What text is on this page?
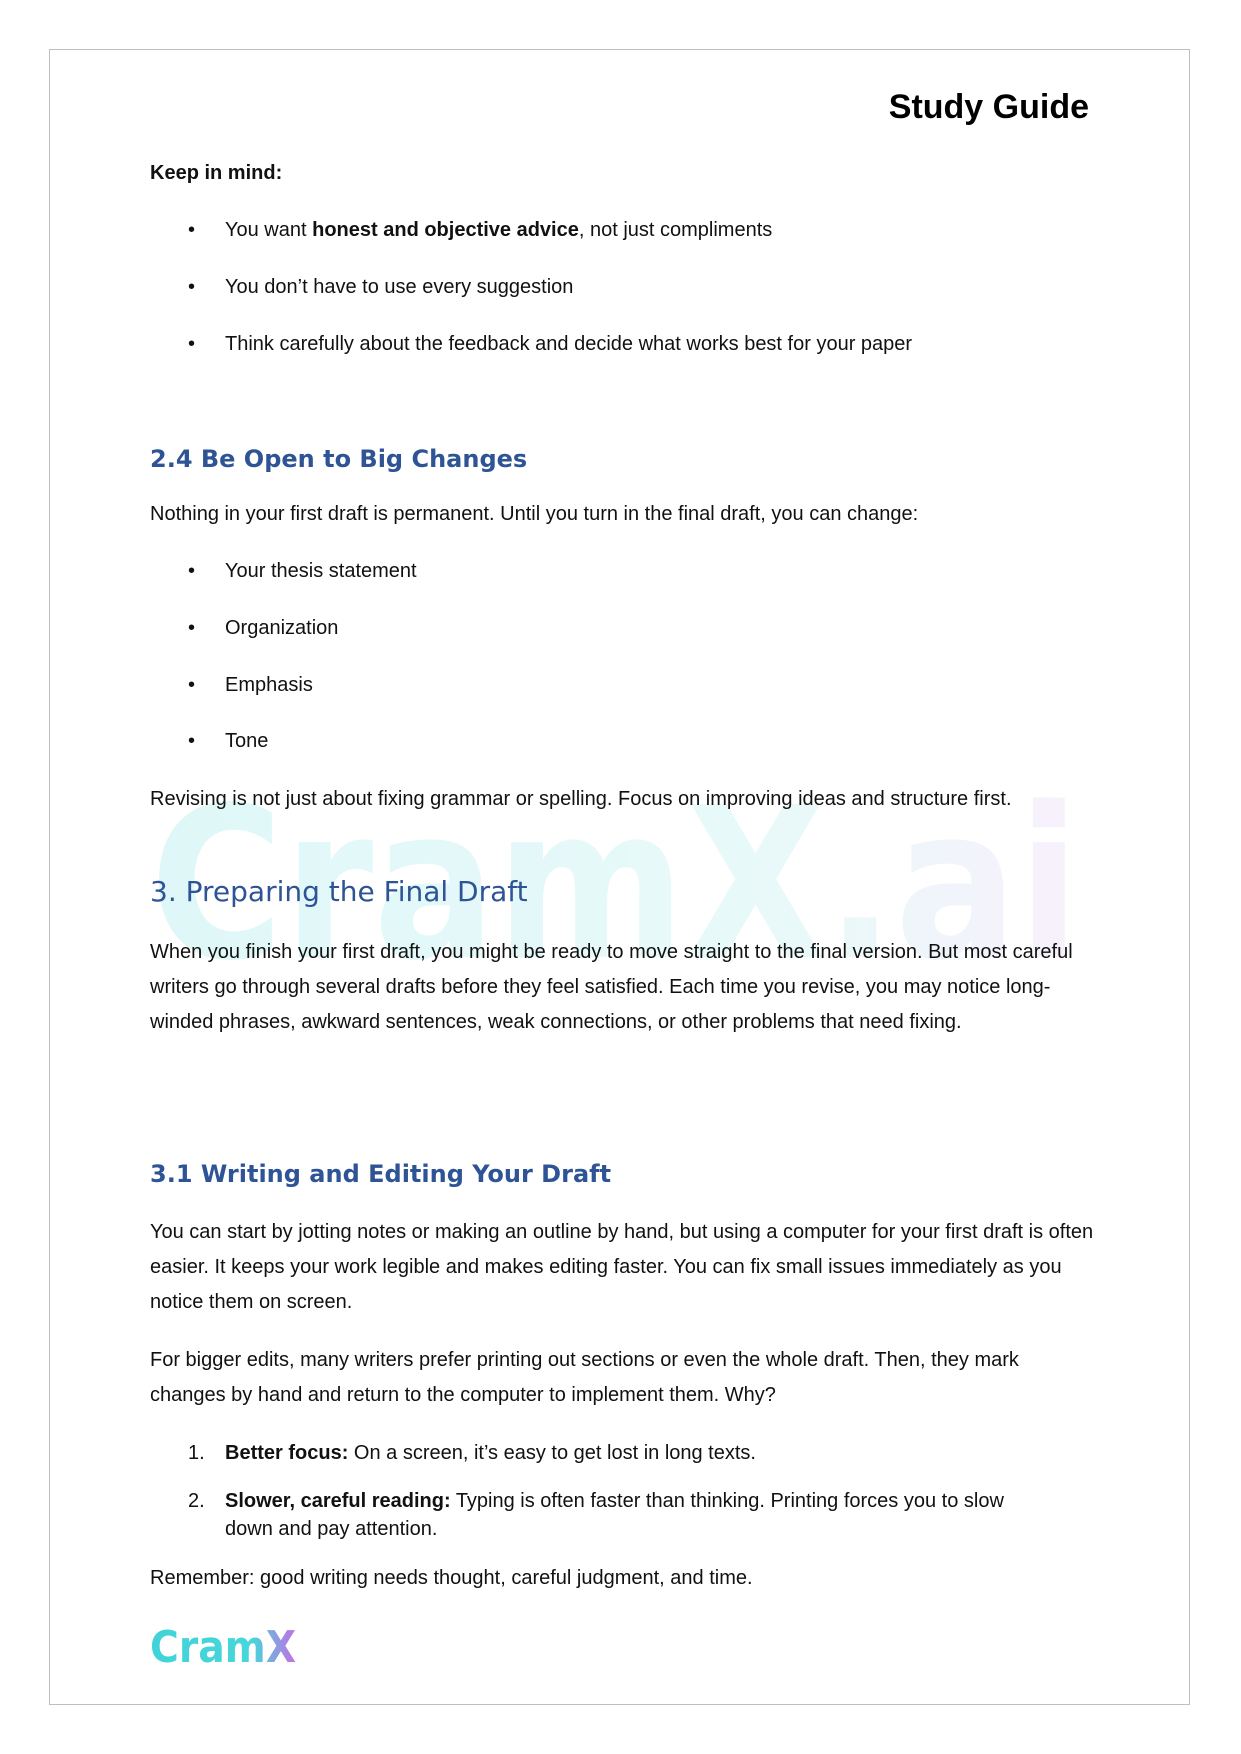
CramX.ai
Study Guide
Keep in mind:
• You want honest and objective advice, not just compliments
• You don’t have to use every suggestion
• Think carefully about the feedback and decide what works best for your paper
2.4 Be Open to Big Changes
Nothing in your first draft is permanent. Until you turn in the final draft, you can change:
• Your thesis statement
• Organization
• Emphasis
• Tone
Revising is not just about fixing grammar or spelling. Focus on improving ideas and structure first.
3. Preparing the Final Draft

When you finish your first draft, you might be ready to move straight to the final version. But most careful writers go through several drafts before they feel satisfied. Each time you revise, you may notice long-winded phrases, awkward sentences, weak connections, or other problems that need fixing.

3.1 Writing and Editing Your Draft

You can start by jotting notes or making an outline by hand, but using a computer for your first draft is often easier. It keeps your work legible and makes editing faster. You can fix small issues immediately as you notice them on screen.

For bigger edits, many writers prefer printing out sections or even the whole draft. Then, they mark changes by hand and return to the computer to implement them. Why?

1. Better focus: On a screen, it’s easy to get lost in long texts.
2. Slower, careful reading: Typing is often faster than thinking. Printing forces you to slow down and pay attention.
Remember: good writing needs thought, careful judgment, and time.
CramX
